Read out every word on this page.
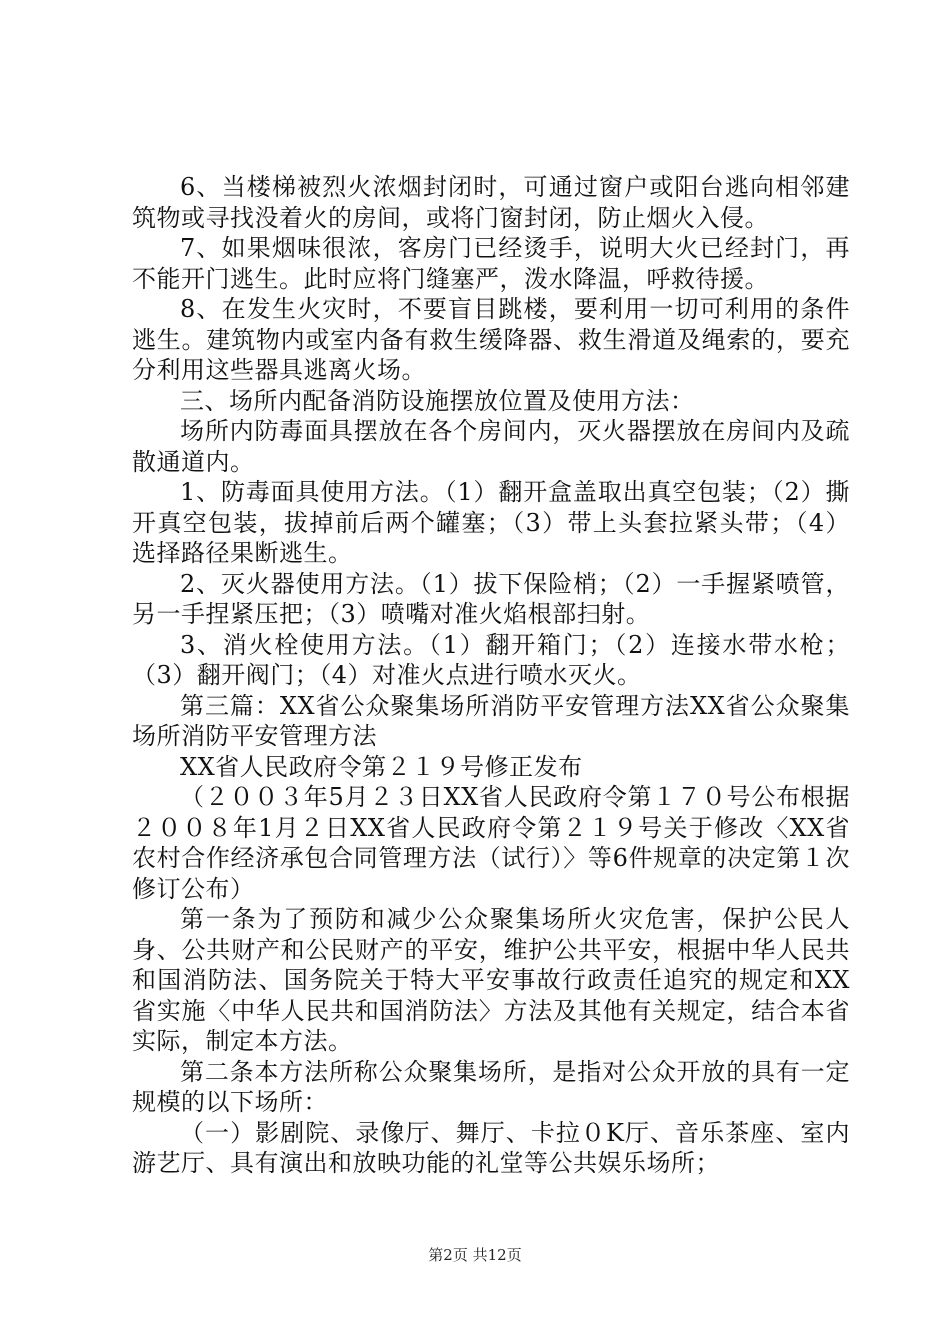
6、当楼梯被烈火浓烟封闭时，可通过窗户或阳台逃向相邻建筑物或寻找没着火的房间，或将门窗封闭，防止烟火入侵。

7、如果烟味很浓，客房门已经烫手，说明大火已经封门，再不能开门逃生。此时应将门缝塞严，泼水降温，呼救待援。

8、在发生火灾时，不要盲目跳楼，要利用一切可利用的条件逃生。建筑物内或室内备有救生缓降器、救生滑道及绳索的，要充分利用这些器具逃离火场。

三、场所内配备消防设施摆放位置及使用方法：

场所内防毒面具摆放在各个房间内，灭火器摆放在房间内及疏散通道内。

1、防毒面具使用方法。（1）翻开盒盖取出真空包装；（2）撕开真空包装，拔掉前后两个罐塞；（3）带上头套拉紧头带；（4）选择路径果断逃生。

2、灭火器使用方法。（1）拔下保险梢；（2）一手握紧喷管，另一手捏紧压把；（3）喷嘴对准火焰根部扫射。

3、消火栓使用方法。（1）翻开箱门；（2）连接水带水枪；（3）翻开阀门；（4）对准火点进行喷水灭火。

第三篇：XX省公众聚集场所消防平安管理方法XX省公众聚集场所消防平安管理方法

XX省人民政府令第２１９号修正发布

（２００３年5月２３日XX省人民政府令第１７０号公布根据２００８年1月２日XX省人民政府令第２１９号关于修改〈XX省农村合作经济承包合同管理方法（试行）〉等6件规章的决定第１次修订公布）

第一条为了预防和减少公众聚集场所火灾危害，保护公民人身、公共财产和公民财产的平安，维护公共平安，根据中华人民共和国消防法、国务院关于特大平安事故行政责任追究的规定和XX省实施〈中华人民共和国消防法〉方法及其他有关规定，结合本省实际，制定本方法。

第二条本方法所称公众聚集场所，是指对公众开放的具有一定规模的以下场所：

（一）影剧院、录像厅、舞厅、卡拉０K厅、音乐茶座、室内游艺厅、具有演出和放映功能的礼堂等公共娱乐场所；

第2页 共12页
